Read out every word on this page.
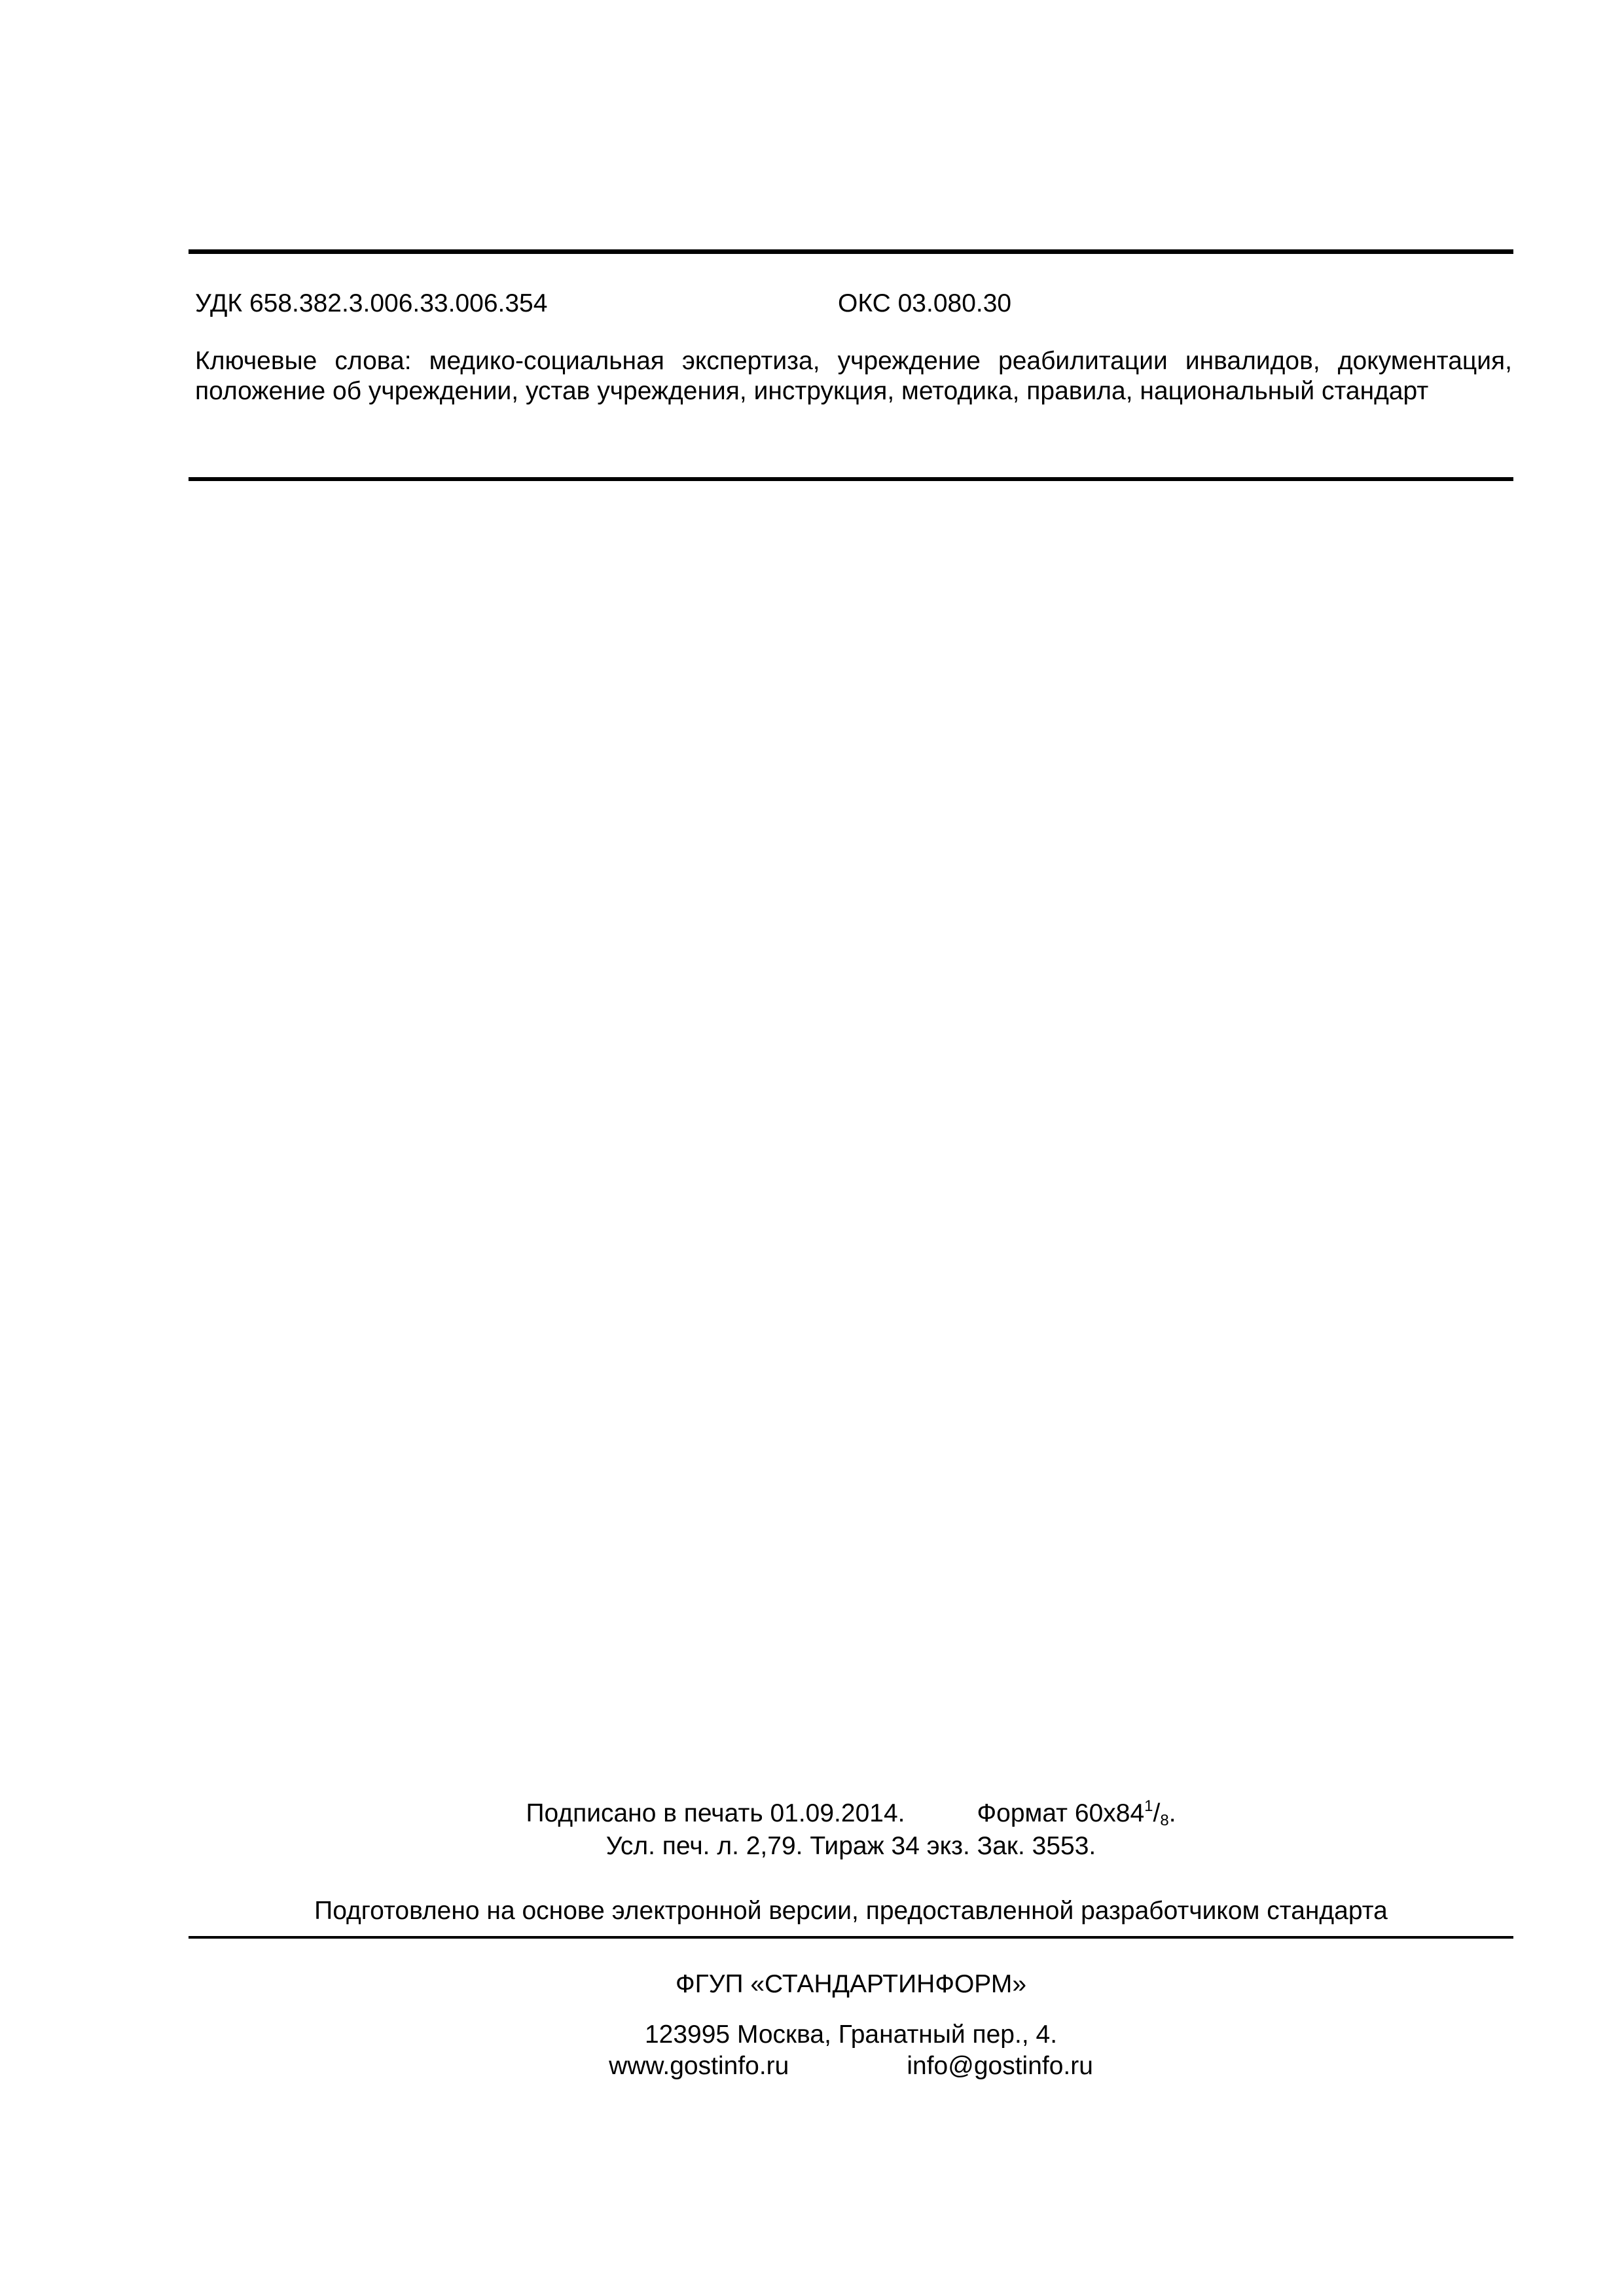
УДК 658.382.3.006.33.006.354	ОКС 03.080.30
Ключевые слова: медико-социальная экспертиза, учреждение реабилитации инвалидов, документация, положение об учреждении, устав учреждения, инструкция, методика, правила, национальный стандарт
Подписано в печать 01.09.2014.	Формат $60x84^1/_8$.
Усл. печ. л. 2,79. Тираж 34 экз. Зак. 3553.
Подготовлено на основе электронной версии, предоставленной разработчиком стандарта
ФГУП «СТАНДАРТИНФОРМ»
123995 Москва, Гранатный пер., 4.
www.gostinfo.ru	info@gostinfo.ru
